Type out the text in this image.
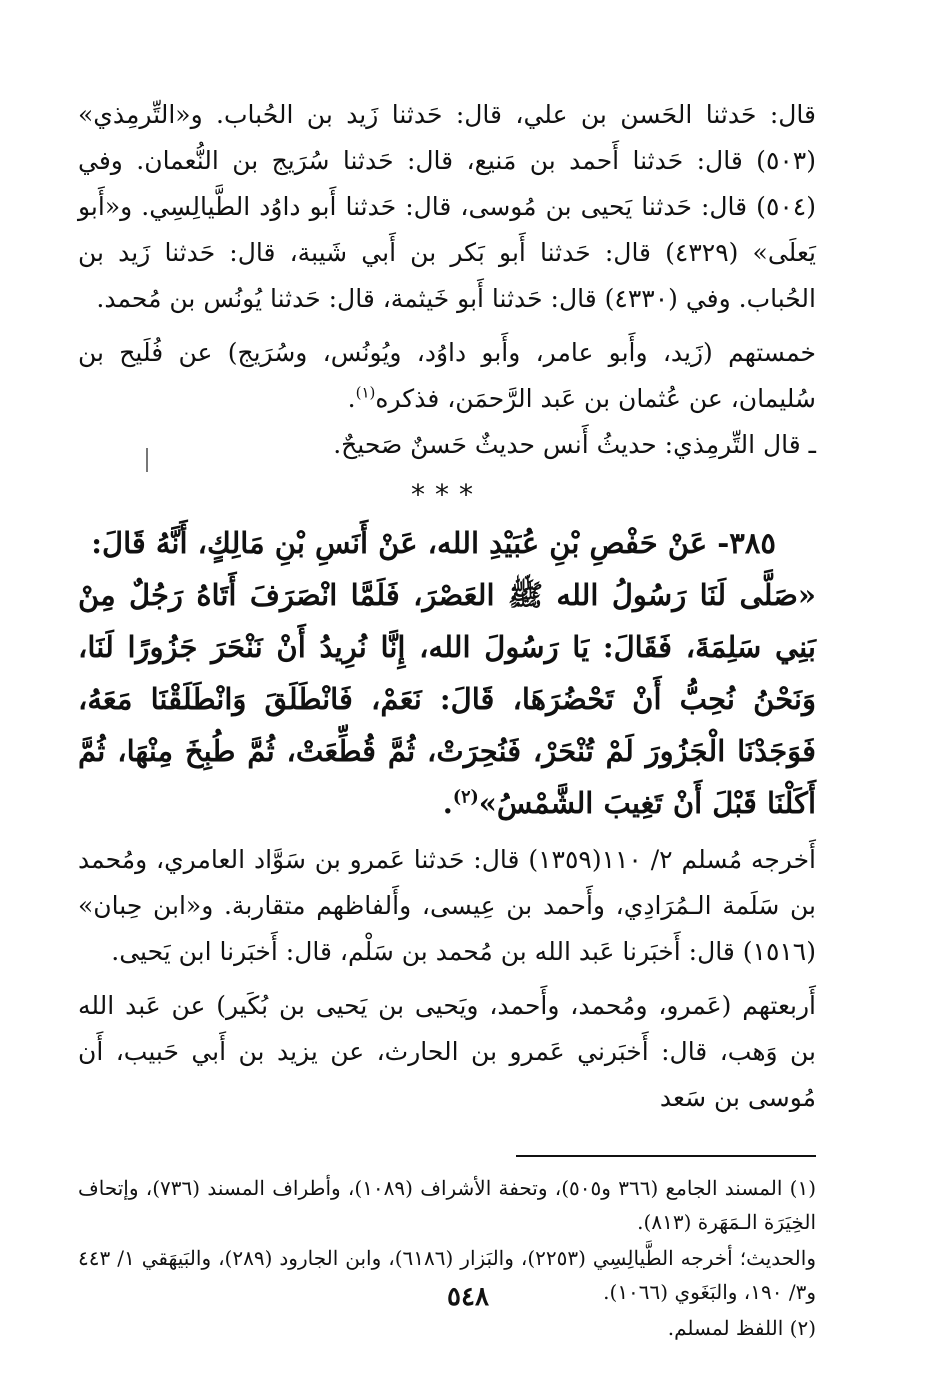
قال: حَدثنا الحَسن بن علي، قال: حَدثنا زَيد بن الحُباب. و«التِّرمِذي» (٥٠٣) قال: حَدثنا أَحمد بن مَنيع، قال: حَدثنا سُرَيج بن النُّعمان. وفي (٥٠٤) قال: حَدثنا يَحيى بن مُوسى، قال: حَدثنا أَبو داوُد الطَّيالِسِي. و«أَبو يَعلَى» (٤٣٢٩) قال: حَدثنا أَبو بَكر بن أَبي شَيبة، قال: حَدثنا زَيد بن الحُباب. وفي (٤٣٣٠) قال: حَدثنا أَبو خَيثمة، قال: حَدثنا يُونُس بن مُحمد.

خمستهم (زَيد، وأَبو عامر، وأَبو داوُد، ويُونُس، وسُرَيج) عن فُلَيح بن سُليمان، عن عُثمان بن عَبد الرَّحمَن، فذكره$^{(١)}$.

ـ قال التِّرمِذي: حديثُ أَنس حديثٌ حَسنٌ صَحيحٌ.

***

٣٨٥- عَنْ حَفْصِ بْنِ عُبَيْدِ الله، عَنْ أَنَسِ بْنِ مَالِكٍ، أَنَّهُ قَالَ:

«صَلَّى لَنَا رَسُولُ الله ﷺ العَصْرَ، فَلَمَّا انْصَرَفَ أَتَاهُ رَجُلٌ مِنْ بَنِي سَلِمَةَ، فَقَالَ: يَا رَسُولَ الله، إِنَّا نُرِيدُ أَنْ نَنْحَرَ جَزُورًا لَنَا، وَنَحْنُ نُحِبُّ أَنْ تَحْضُرَهَا، قَالَ: نَعَمْ، فَانْطَلَقَ وَانْطَلَقْنَا مَعَهُ، فَوَجَدْنَا الْجَزُورَ لَمْ تُنْحَرْ، فَنُحِرَتْ، ثُمَّ قُطِّعَتْ، ثُمَّ طُبِخَ مِنْهَا، ثُمَّ أَكَلْنَا قَبْلَ أَنْ تَغِيبَ الشَّمْسُ»$^{(٢)}$.

أَخرجه مُسلم ٢/ ١١٠(١٣٥٩) قال: حَدثنا عَمرو بن سَوَّاد العامري، ومُحمد بن سَلَمة الـمُرَادِي، وأَحمد بن عِيسى، وأَلفاظهم متقاربة. و«ابن حِبان» (١٥١٦) قال: أَخبَرنا عَبد الله بن مُحمد بن سَلْم، قال: أَخبَرنا ابن يَحيى.

أَربعتهم (عَمرو، ومُحمد، وأَحمد، ويَحيى بن يَحيى بن بُكَير) عن عَبد الله بن وَهب، قال: أَخبَرني عَمرو بن الحارث، عن يزيد بن أَبي حَبيب، أَن مُوسى بن سَعد

(١) المسند الجامع (٣٦٦ و٥٠٥)، وتحفة الأشراف (١٠٨٩)، وأطراف المسند (٧٣٦)، وإتحاف الخِيَرَة الـمَهَرة (٨١٣).

والحديث؛ أخرجه الطَّيالِسِي (٢٢٥٣)، والبَزار (٦١٨٦)، وابن الجارود (٢٨٩)، والبَيهَقي ١/ ٤٤٣ و٣/ ١٩٠، والبَغَوي (١٠٦٦).

(٢) اللفظ لمسلم.

٥٤٨
